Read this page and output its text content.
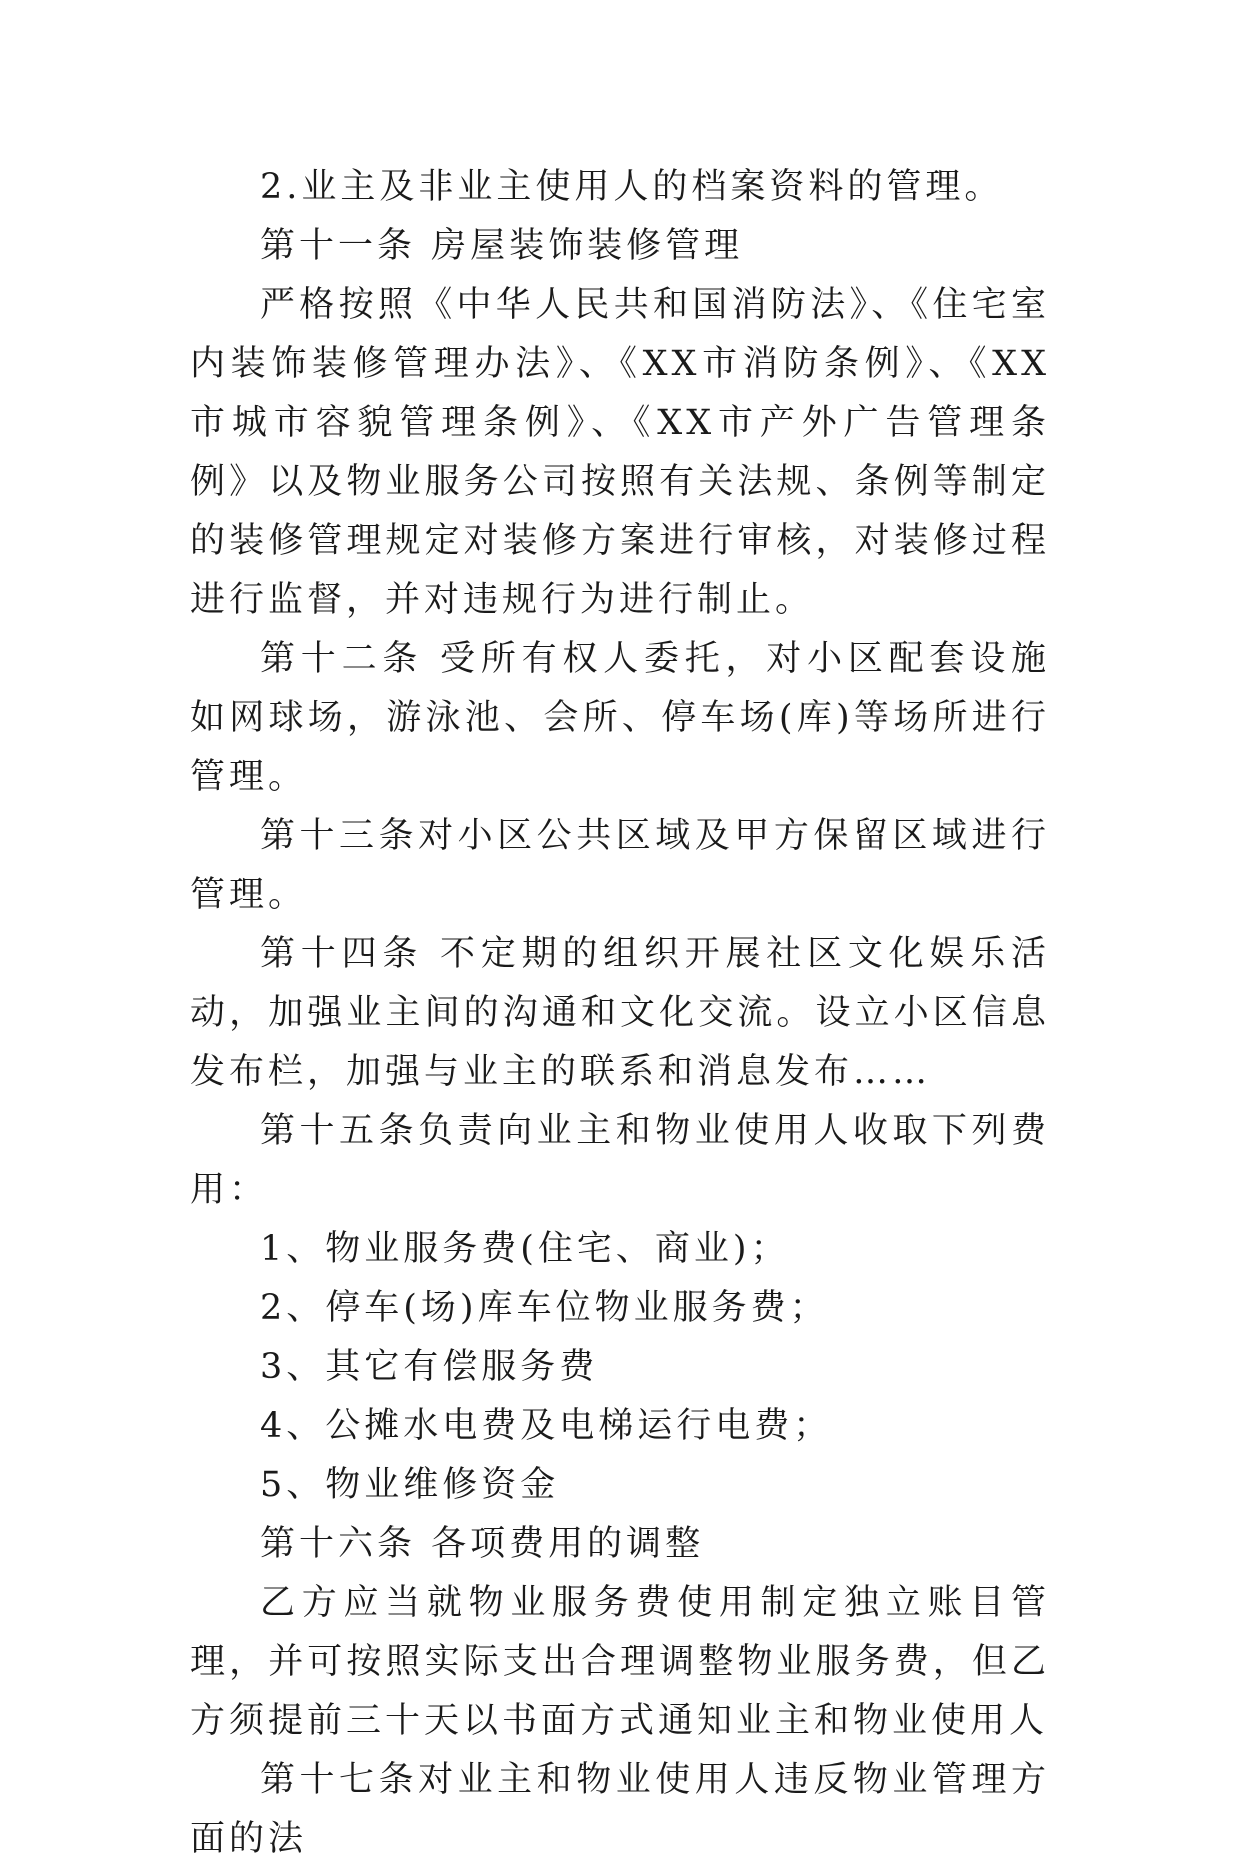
2.业主及非业主使用人的档案资料的管理。

第十一条 房屋装饰装修管理

严格按照《中华人民共和国消防法》、《住宅室内装饰装修管理办法》、《XX市消防条例》、《XX市城市容貌管理条例》、《XX市产外广告管理条例》以及物业服务公司按照有关法规、条例等制定的装修管理规定对装修方案进行审核，对装修过程进行监督，并对违规行为进行制止。

第十二条 受所有权人委托，对小区配套设施如网球场，游泳池、会所、停车场(库)等场所进行管理。

第十三条对小区公共区域及甲方保留区域进行管理。

第十四条 不定期的组织开展社区文化娱乐活动，加强业主间的沟通和文化交流。设立小区信息发布栏，加强与业主的联系和消息发布……

第十五条负责向业主和物业使用人收取下列费用：

1、物业服务费(住宅、商业)；

2、停车(场)库车位物业服务费；

3、其它有偿服务费

4、公摊水电费及电梯运行电费；

5、物业维修资金

第十六条 各项费用的调整

乙方应当就物业服务费使用制定独立账目管理，并可按照实际支出合理调整物业服务费，但乙方须提前三十天以书面方式通知业主和物业使用人

第十七条对业主和物业使用人违反物业管理方面的法
